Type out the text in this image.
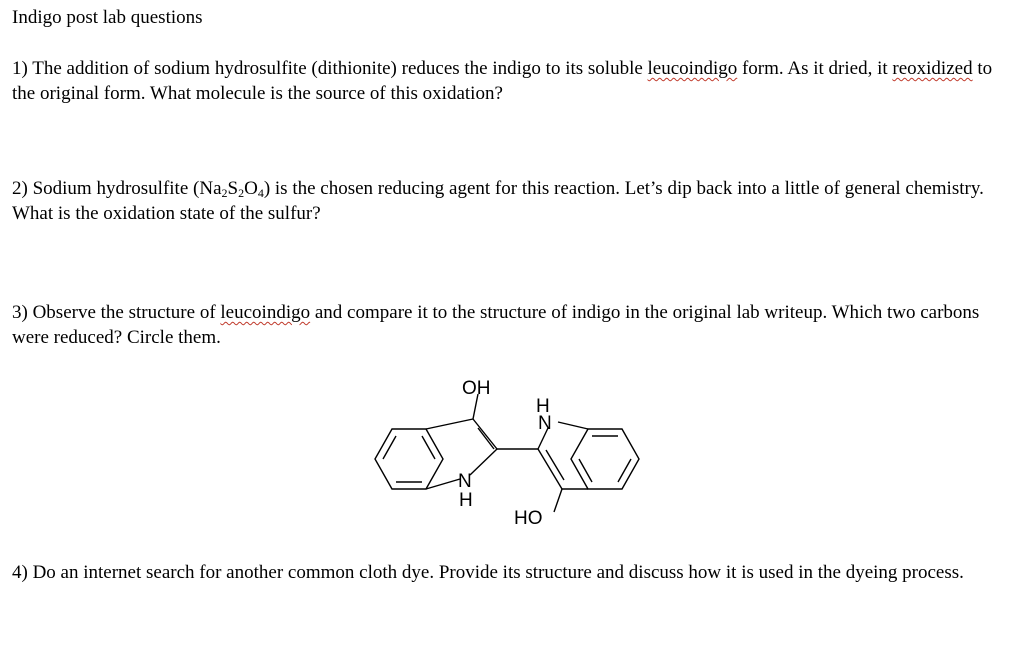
Indigo post lab questions
1) The addition of sodium hydrosulfite (dithionite) reduces the indigo to its soluble leucoindigo form. As it dried, it reoxidized to the original form. What molecule is the source of this oxidation?
2) Sodium hydrosulfite $(Na_2S_2O_4)$ is the chosen reducing agent for this reaction. Let’s dip back into a little of general chemistry. What is the oxidation state of the sulfur?
3) Observe the structure of leucoindigo and compare it to the structure of indigo in the original lab writeup. Which two carbons were reduced? Circle them.
OH
H
N
N
H
HO
4) Do an internet search for another common cloth dye. Provide its structure and discuss how it is used in the dyeing process.
